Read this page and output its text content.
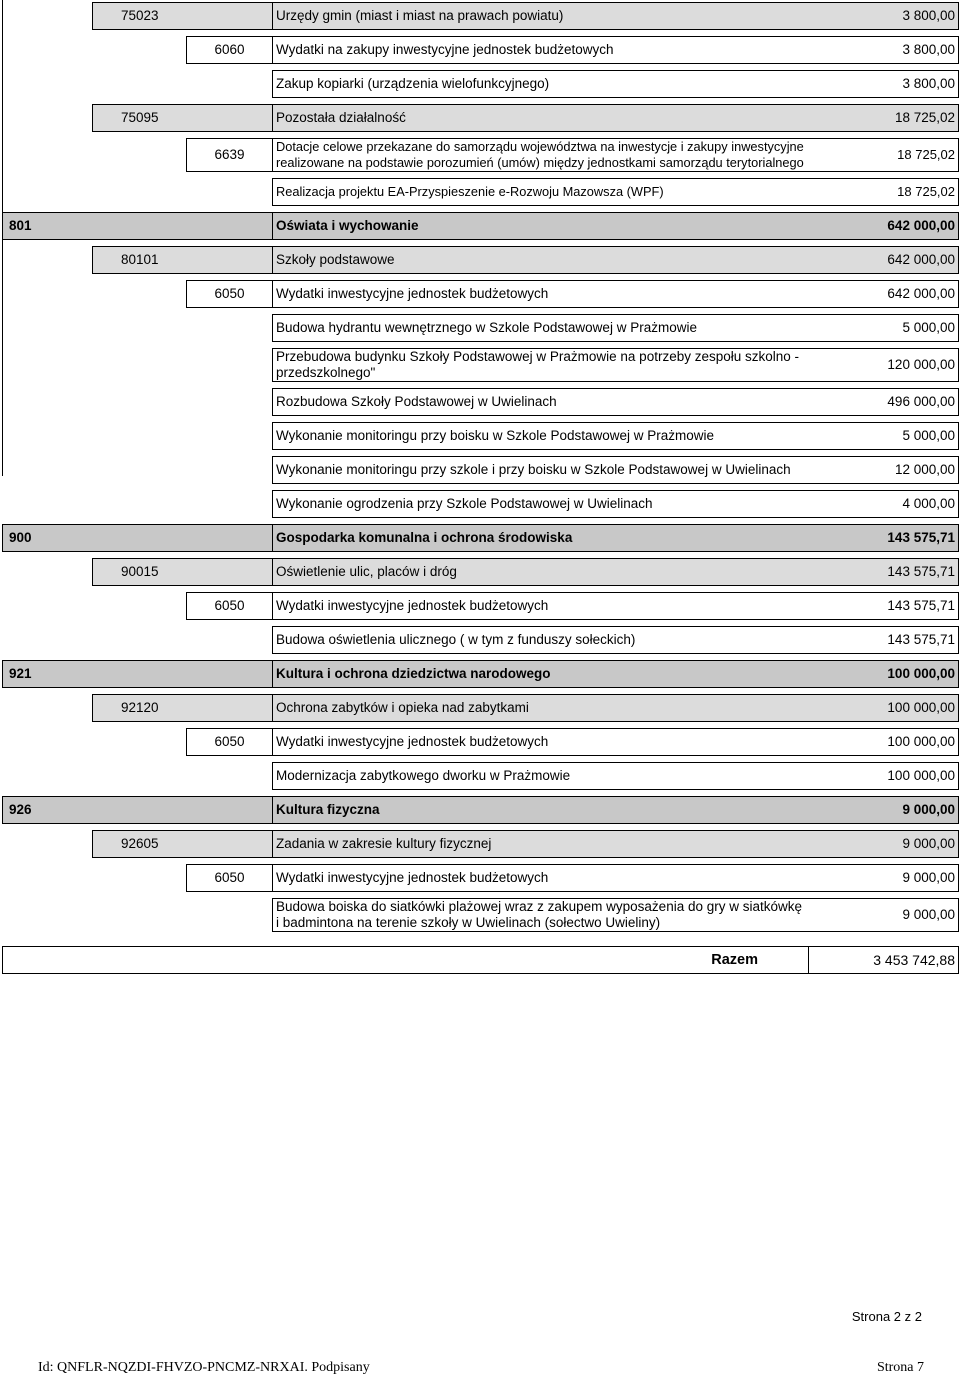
	75023		Urzędy gmin (miast i miast na prawach powiatu)	3 800,00

		6060	Wydatki na zakupy inwestycyjne jednostek budżetowych	3 800,00

			Zakup kopiarki (urządzenia wielofunkcyjnego)	3 800,00

	75095		Pozostała działalność	18 725,02

		6639	Dotacje celowe przekazane do samorządu województwa na inwestycje i zakupy inwestycyjne realizowane na podstawie porozumień (umów) między jednostkami samorządu terytorialnego	18 725,02

			Realizacja projektu EA-Przyspieszenie e-Rozwoju Mazowsza (WPF)	18 725,02

801			Oświata i wychowanie	642 000,00

	80101		Szkoły podstawowe	642 000,00

		6050	Wydatki inwestycyjne jednostek budżetowych	642 000,00

			Budowa hydrantu wewnętrznego w Szkole Podstawowej w Prażmowie	5 000,00

			Przebudowa budynku Szkoły Podstawowej w Prażmowie na potrzeby zespołu szkolno - przedszkolnego"	120 000,00

			Rozbudowa Szkoły Podstawowej w Uwielinach	496 000,00

			Wykonanie monitoringu przy boisku w Szkole Podstawowej w Prażmowie	5 000,00

			Wykonanie monitoringu przy szkole i przy boisku w Szkole Podstawowej w Uwielinach	12 000,00

			Wykonanie ogrodzenia przy Szkole Podstawowej w Uwielinach	4 000,00

900			Gospodarka komunalna i ochrona środowiska	143 575,71

	90015		Oświetlenie ulic, placów i dróg	143 575,71

		6050	Wydatki inwestycyjne jednostek budżetowych	143 575,71

			Budowa oświetlenia ulicznego ( w tym z funduszy sołeckich)	143 575,71

921			Kultura i ochrona dziedzictwa narodowego	100 000,00

	92120		Ochrona zabytków i opieka nad zabytkami	100 000,00

		6050	Wydatki inwestycyjne jednostek budżetowych	100 000,00

			Modernizacja zabytkowego dworku w Prażmowie	100 000,00

926			Kultura fizyczna	9 000,00

	92605		Zadania w zakresie kultury fizycznej	9 000,00

		6050	Wydatki inwestycyjne jednostek budżetowych	9 000,00

			Budowa boiska do siatkówki plażowej wraz z zakupem wyposażenia do gry w siatkówkę i badmintona na terenie szkoły w Uwielinach (sołectwo Uwieliny)	9 000,00
Razem	3 453 742,88
Strona 2 z 2
Id: QNFLR-NQZDI-FHVZO-PNCMZ-NRXAI. Podpisany	Strona 7
